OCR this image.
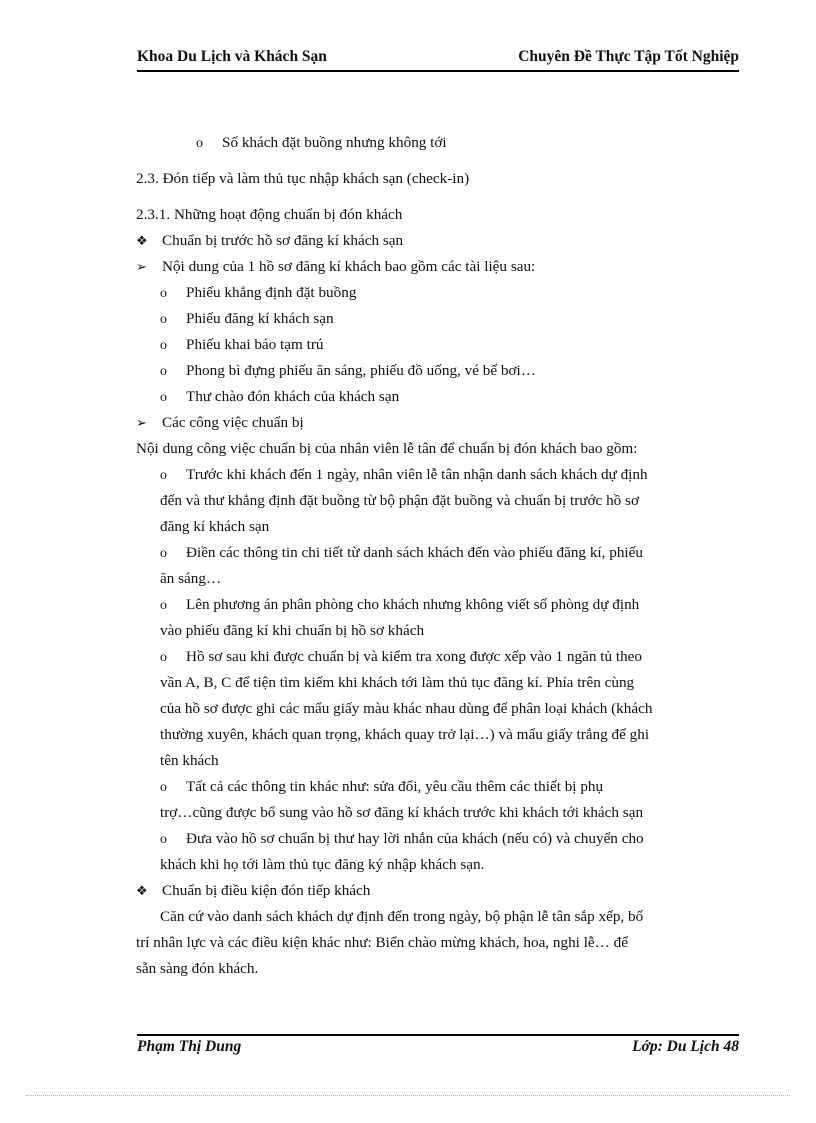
Khoa Du Lịch và Khách Sạn	Chuyên Đề Thực Tập Tốt Nghiệp
o Số khách đặt buồng nhưng không tới
2.3. Đón tiếp và làm thủ tục nhập khách sạn (check-in)
2.3.1. Những hoạt động chuẩn bị đón khách
❖ Chuẩn bị trước hồ sơ đăng kí khách sạn
➢ Nội dung của 1 hồ sơ đăng kí khách bao gồm các tài liệu sau:
o Phiếu khẳng định đặt buồng
o Phiếu đăng kí khách sạn
o Phiếu khai báo tạm trú
o Phong bì đựng phiếu ăn sáng, phiếu đồ uống, vé bể bơi…
o Thư chào đón khách của khách sạn
➢ Các công việc chuẩn bị
Nội dung công việc chuẩn bị của nhân viên lễ tân để chuẩn bị đón khách bao gồm:
o Trước khi khách đến 1 ngày, nhân viên lễ tân nhận danh sách khách dự định
đến và thư khẳng định đặt buồng từ bộ phận đặt buồng và chuẩn bị trước hồ sơ
đăng kí khách sạn
o Điền các thông tin chi tiết từ danh sách khách đến vào phiếu đăng kí, phiếu
ăn sáng…
o Lên phương án phân phòng cho khách nhưng không viết số phòng dự định
vào phiếu đăng kí khi chuẩn bị hồ sơ khách
o Hồ sơ sau khi được chuẩn bị và kiểm tra xong được xếp vào 1 ngăn tủ theo
vần A, B, C để tiện tìm kiếm khi khách tới làm thủ tục đăng kí. Phía trên cùng
của hồ sơ được ghi các mẩu giấy màu khác nhau dùng để phân loại khách (khách
thường xuyên, khách quan trọng, khách quay trở lại…) và mẩu giấy trắng để ghi
tên khách
o Tất cả các thông tin khác như: sửa đổi, yêu cầu thêm các thiết bị phụ
trợ…cũng được bổ sung vào hồ sơ đăng kí khách trước khi khách tới khách sạn
o Đưa vào hồ sơ chuẩn bị thư hay lời nhắn của khách (nếu có) và chuyển cho
khách khi họ tới làm thủ tục đăng ký nhập khách sạn.
❖ Chuẩn bị điều kiện đón tiếp khách
Căn cứ vào danh sách khách dự định đến trong ngày, bộ phận lễ tân sắp xếp, bố
trí nhân lực và các điều kiện khác như: Biển chào mừng khách, hoa, nghi lễ… để
sẵn sàng đón khách.
Phạm Thị Dung	Lớp: Du Lịch 48
